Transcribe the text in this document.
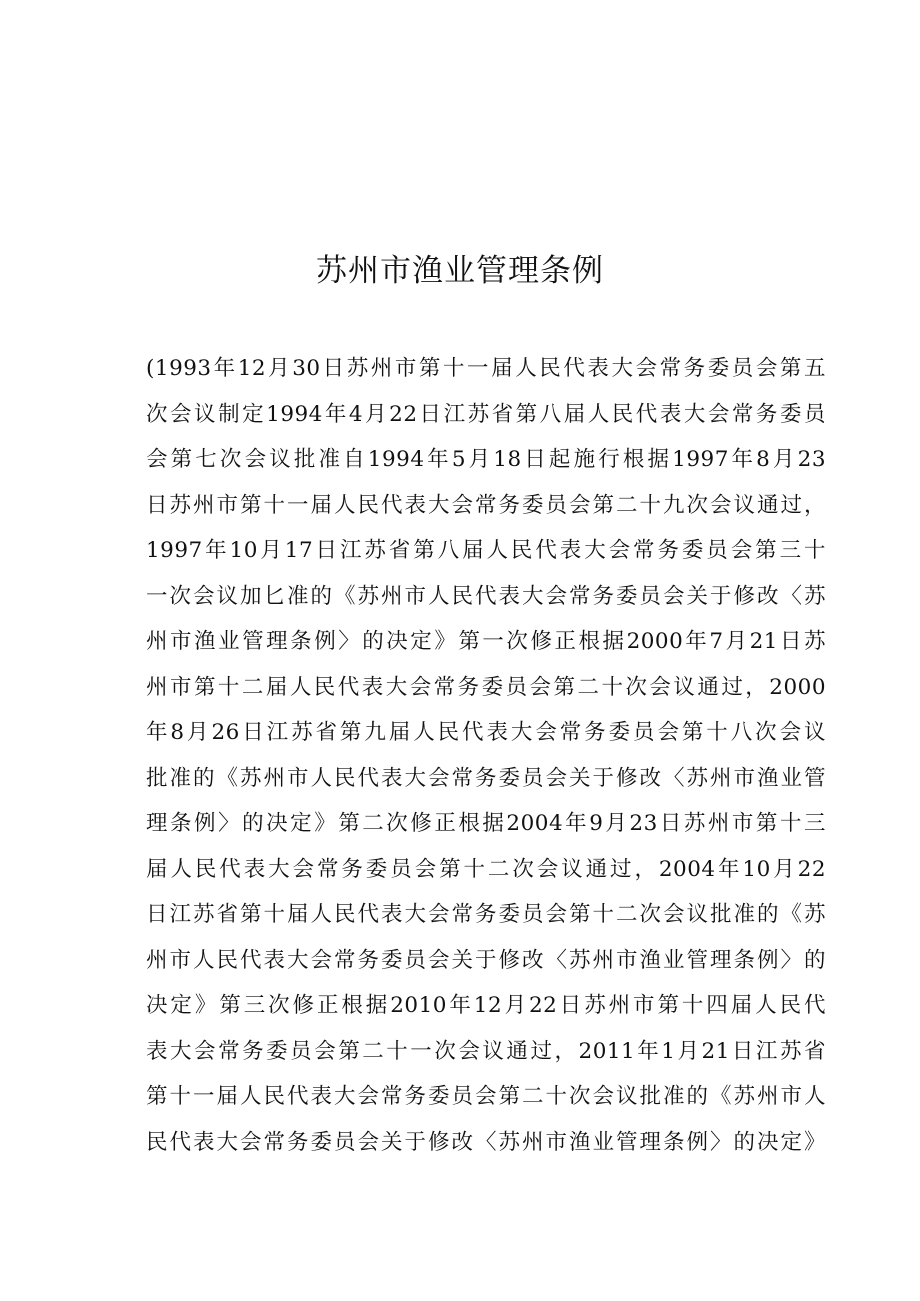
苏州市渔业管理条例
(1993年12月30日苏州市第十一届人民代表大会常务委员会第五
次会议制定1994年4月22日江苏省第八届人民代表大会常务委员
会第七次会议批准自1994年5月18日起施行根据1997年8月23
日苏州市第十一届人民代表大会常务委员会第二十九次会议通过，
1997年10月17日江苏省第八届人民代表大会常务委员会第三十
一次会议加匕准的《苏州市人民代表大会常务委员会关于修改〈苏
州市渔业管理条例〉的决定》第一次修正根据2000年7月21日苏
州市第十二届人民代表大会常务委员会第二十次会议通过，2000
年8月26日江苏省第九届人民代表大会常务委员会第十八次会议
批准的《苏州市人民代表大会常务委员会关于修改〈苏州市渔业管
理条例〉的决定》第二次修正根据2004年9月23日苏州市第十三
届人民代表大会常务委员会第十二次会议通过，2004年10月22
日江苏省第十届人民代表大会常务委员会第十二次会议批准的《苏
州市人民代表大会常务委员会关于修改〈苏州市渔业管理条例〉的
决定》第三次修正根据2010年12月22日苏州市第十四届人民代
表大会常务委员会第二十一次会议通过，2011年1月21日江苏省
第十一届人民代表大会常务委员会第二十次会议批准的《苏州市人
民代表大会常务委员会关于修改〈苏州市渔业管理条例〉的决定》
